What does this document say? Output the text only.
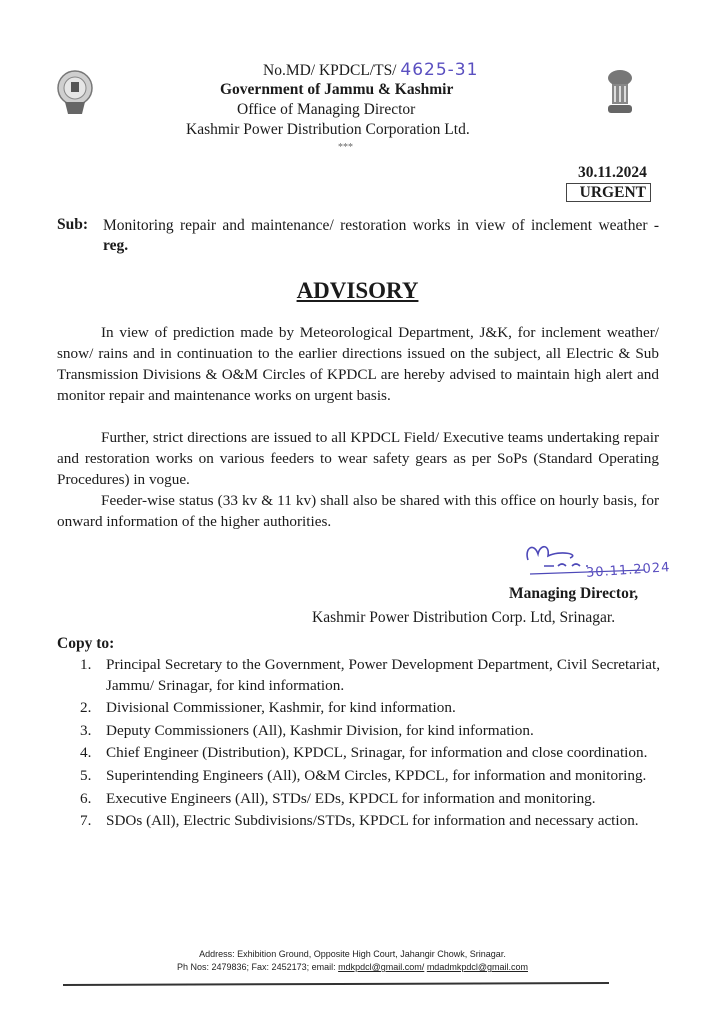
No.MD/ KPDCL/TS/ 4625-31
Government of Jammu & Kashmir
Office of Managing Director
Kashmir Power Distribution Corporation Ltd.
***
30.11.2024
URGENT
Sub: Monitoring repair and maintenance/ restoration works in view of inclement weather - reg.
ADVISORY

In view of prediction made by Meteorological Department, J&K, for inclement weather/ snow/ rains and in continuation to the earlier directions issued on the subject, all Electric & Sub Transmission Divisions & O&M Circles of KPDCL are hereby advised to maintain high alert and monitor repair and maintenance works on urgent basis.

Further, strict directions are issued to all KPDCL Field/ Executive teams undertaking repair and restoration works on various feeders to wear safety gears as per SoPs (Standard Operating Procedures) in vogue.

Feeder-wise status (33 kv & 11 kv) shall also be shared with this office on hourly basis, for onward information of the higher authorities.

30.11.2024
Managing Director,
Kashmir Power Distribution Corp. Ltd, Srinagar.
Copy to:
1. Principal Secretary to the Government, Power Development Department, Civil Secretariat, Jammu/ Srinagar, for kind information.
2. Divisional Commissioner, Kashmir, for kind information.
3. Deputy Commissioners (All), Kashmir Division, for kind information.
4. Chief Engineer (Distribution), KPDCL, Srinagar, for information and close coordination.
5. Superintending Engineers (All), O&M Circles, KPDCL, for information and monitoring.
6. Executive Engineers (All), STDs/ EDs, KPDCL for information and monitoring.
7. SDOs (All), Electric Subdivisions/STDs, KPDCL for information and necessary action.
Address: Exhibition Ground, Opposite High Court, Jahangir Chowk, Srinagar.
Ph Nos: 2479836; Fax: 2452173; email: mdkpdcl@gmail.com/ mdadmkpdcl@gmail.com
